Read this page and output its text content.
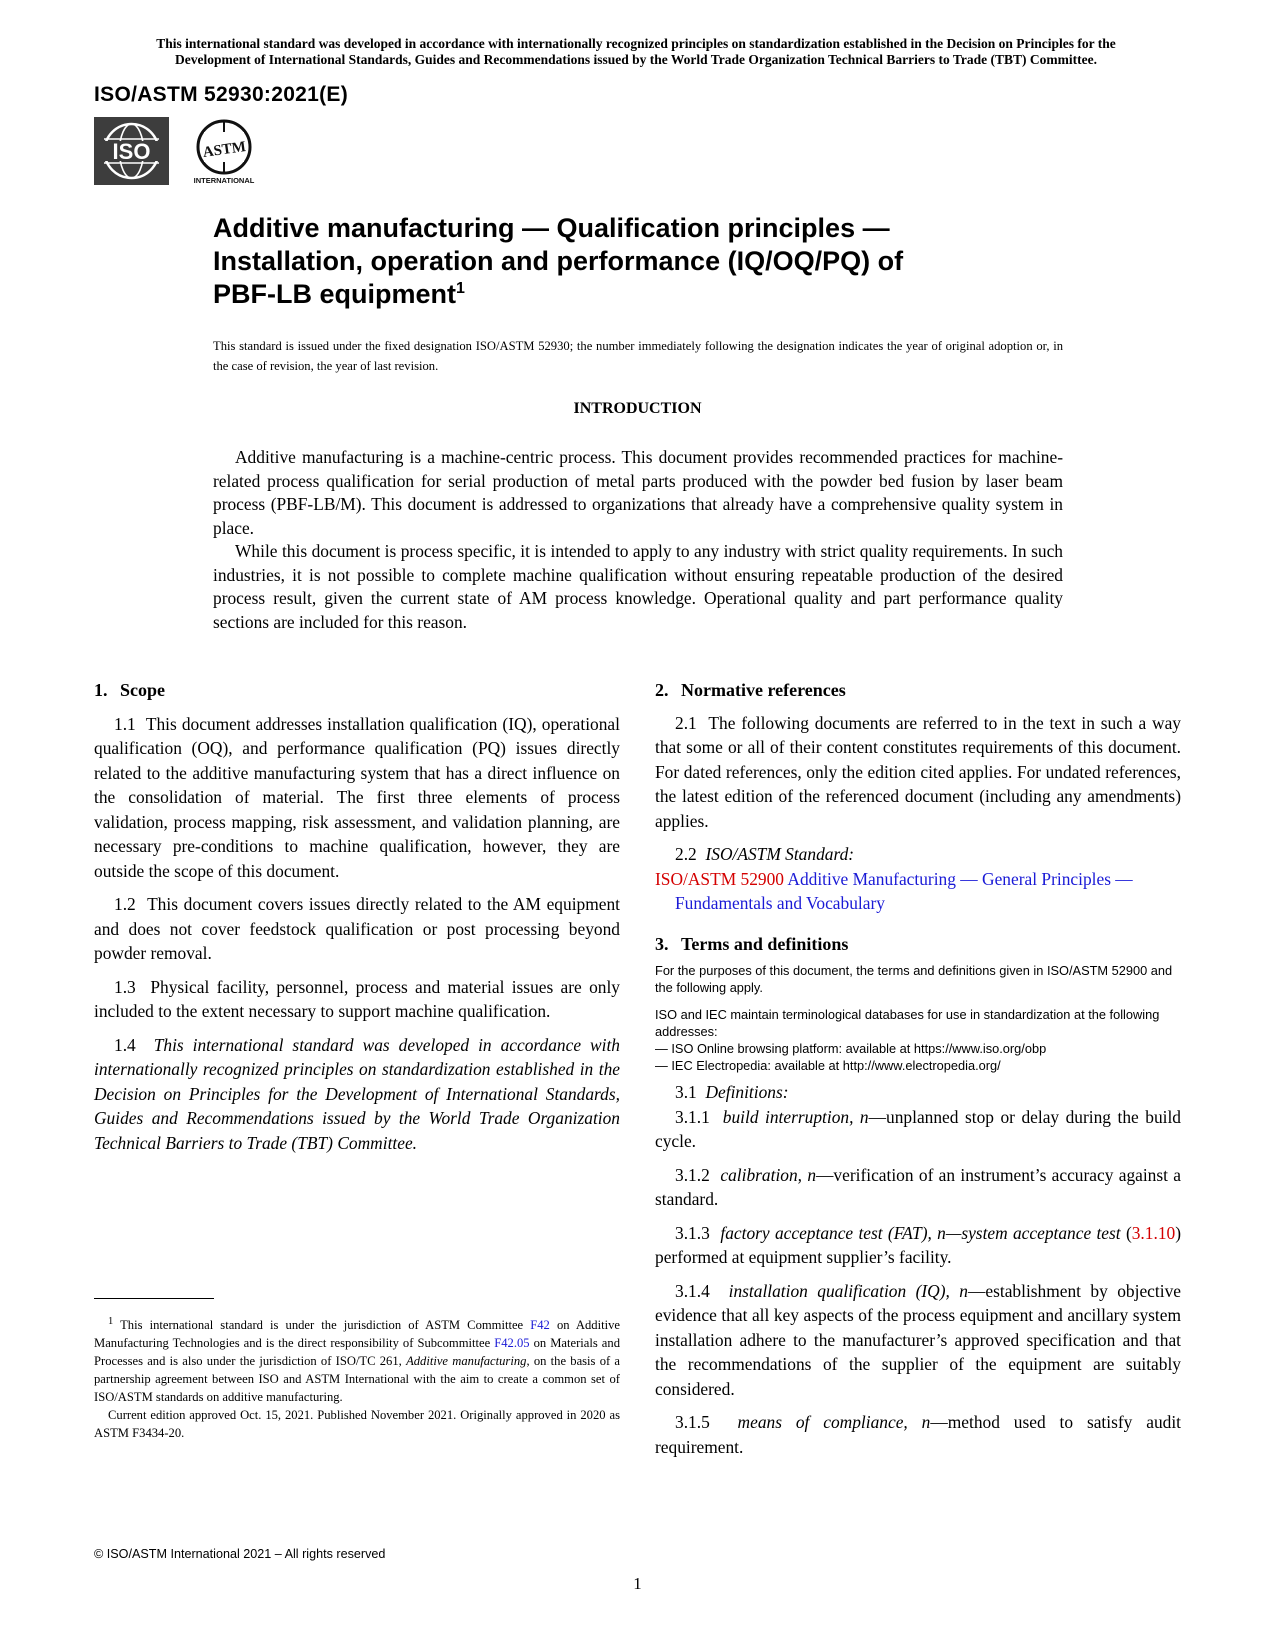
This international standard was developed in accordance with internationally recognized principles on standardization established in the Decision on Principles for the
Development of International Standards, Guides and Recommendations issued by the World Trade Organization Technical Barriers to Trade (TBT) Committee.
ISO/ASTM 52930:2021(E)
ISO	ASTM
INTERNATIONAL
Additive manufacturing — Qualification principles —
Installation, operation and performance (IQ/OQ/PQ) of
PBF-LB equipment$^1$
This standard is issued under the fixed designation ISO/ASTM 52930; the number immediately following the designation indicates the year of original adoption or, in the case of revision, the year of last revision.
INTRODUCTION

Additive manufacturing is a machine-centric process. This document provides recommended practices for machine-related process qualification for serial production of metal parts produced with the powder bed fusion by laser beam process (PBF-LB/M). This document is addressed to organizations that already have a comprehensive quality system in place.

While this document is process specific, it is intended to apply to any industry with strict quality requirements. In such industries, it is not possible to complete machine qualification without ensuring repeatable production of the desired process result, given the current state of AM process knowledge. Operational quality and part performance quality sections are included for this reason.

1. Scope

1.1 This document addresses installation qualification (IQ), operational qualification (OQ), and performance qualification (PQ) issues directly related to the additive manufacturing system that has a direct influence on the consolidation of material. The first three elements of process validation, process mapping, risk assessment, and validation planning, are necessary pre-conditions to machine qualification, however, they are outside the scope of this document.

1.2 This document covers issues directly related to the AM equipment and does not cover feedstock qualification or post processing beyond powder removal.

1.3 Physical facility, personnel, process and material issues are only included to the extent necessary to support machine qualification.

1.4 This international standard was developed in accordance with internationally recognized principles on standardization established in the Decision on Principles for the Development of International Standards, Guides and Recommendations issued by the World Trade Organization Technical Barriers to Trade (TBT) Committee.

$^1$ This international standard is under the jurisdiction of ASTM Committee F42 on Additive Manufacturing Technologies and is the direct responsibility of Subcommittee F42.05 on Materials and Processes and is also under the jurisdiction of ISO/TC 261, Additive manufacturing, on the basis of a partnership agreement between ISO and ASTM International with the aim to create a common set of ISO/ASTM standards on additive manufacturing.

Current edition approved Oct. 15, 2021. Published November 2021. Originally approved in 2020 as ASTM F3434-20.

2. Normative references

2.1 The following documents are referred to in the text in such a way that some or all of their content constitutes requirements of this document. For dated references, only the edition cited applies. For undated references, the latest edition of the referenced document (including any amendments) applies.

2.2 ISO/ASTM Standard:

ISO/ASTM 52900 Additive Manufacturing — General Principles — Fundamentals and Vocabulary

3. Terms and definitions

For the purposes of this document, the terms and definitions given in ISO/ASTM 52900 and the following apply.

ISO and IEC maintain terminological databases for use in standardization at the following addresses:
— ISO Online browsing platform: available at https://www.iso.org/obp
— IEC Electropedia: available at http://www.electropedia.org/

3.1 Definitions:

3.1.1 build interruption, n—unplanned stop or delay during the build cycle.

3.1.2 calibration, n—verification of an instrument’s accuracy against a standard.

3.1.3 factory acceptance test (FAT), n—system acceptance test (3.1.10) performed at equipment supplier’s facility.

3.1.4 installation qualification (IQ), n—establishment by objective evidence that all key aspects of the process equipment and ancillary system installation adhere to the manufacturer’s approved specification and that the recommendations of the supplier of the equipment are suitably considered.

3.1.5 means of compliance, n—method used to satisfy audit requirement.

© ISO/ASTM International 2021 – All rights reserved
1
